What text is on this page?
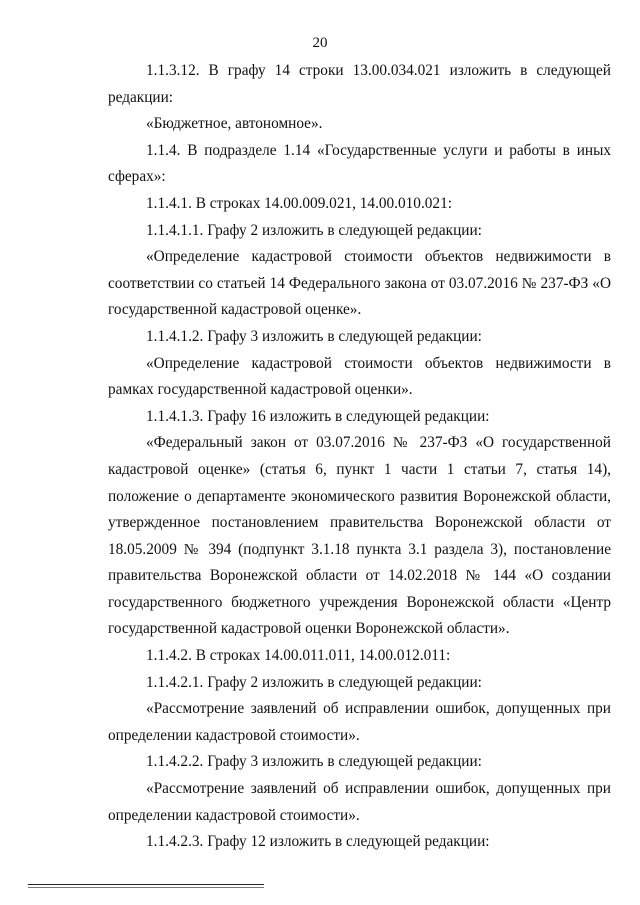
20

1.1.3.12. В графу 14 строки 13.00.034.021 изложить в следующей редакции:

«Бюджетное, автономное».

1.1.4. В подразделе 1.14 «Государственные услуги и работы в иных сферах»:

1.1.4.1. В строках 14.00.009.021, 14.00.010.021:

1.1.4.1.1. Графу 2 изложить в следующей редакции:

«Определение кадастровой стоимости объектов недвижимости в соответствии со статьей 14 Федерального закона от 03.07.2016 № 237-ФЗ «О государственной кадастровой оценке».

1.1.4.1.2. Графу 3 изложить в следующей редакции:

«Определение кадастровой стоимости объектов недвижимости в рамках государственной кадастровой оценки».

1.1.4.1.3. Графу 16 изложить в следующей редакции:

«Федеральный закон от 03.07.2016 № 237-ФЗ «О государственной кадастровой оценке» (статья 6, пункт 1 части 1 статьи 7, статья 14), положение о департаменте экономического развития Воронежской области, утвержденное постановлением правительства Воронежской области от 18.05.2009 № 394 (подпункт 3.1.18 пункта 3.1 раздела 3), постановление правительства Воронежской области от 14.02.2018 № 144 «О создании государственного бюджетного учреждения Воронежской области «Центр государственной кадастровой оценки Воронежской области».

1.1.4.2. В строках 14.00.011.011, 14.00.012.011:

1.1.4.2.1. Графу 2 изложить в следующей редакции:

«Рассмотрение заявлений об исправлении ошибок, допущенных при определении кадастровой стоимости».

1.1.4.2.2. Графу 3 изложить в следующей редакции:

«Рассмотрение заявлений об исправлении ошибок, допущенных при определении кадастровой стоимости».

1.1.4.2.3. Графу 12 изложить в следующей редакции:
